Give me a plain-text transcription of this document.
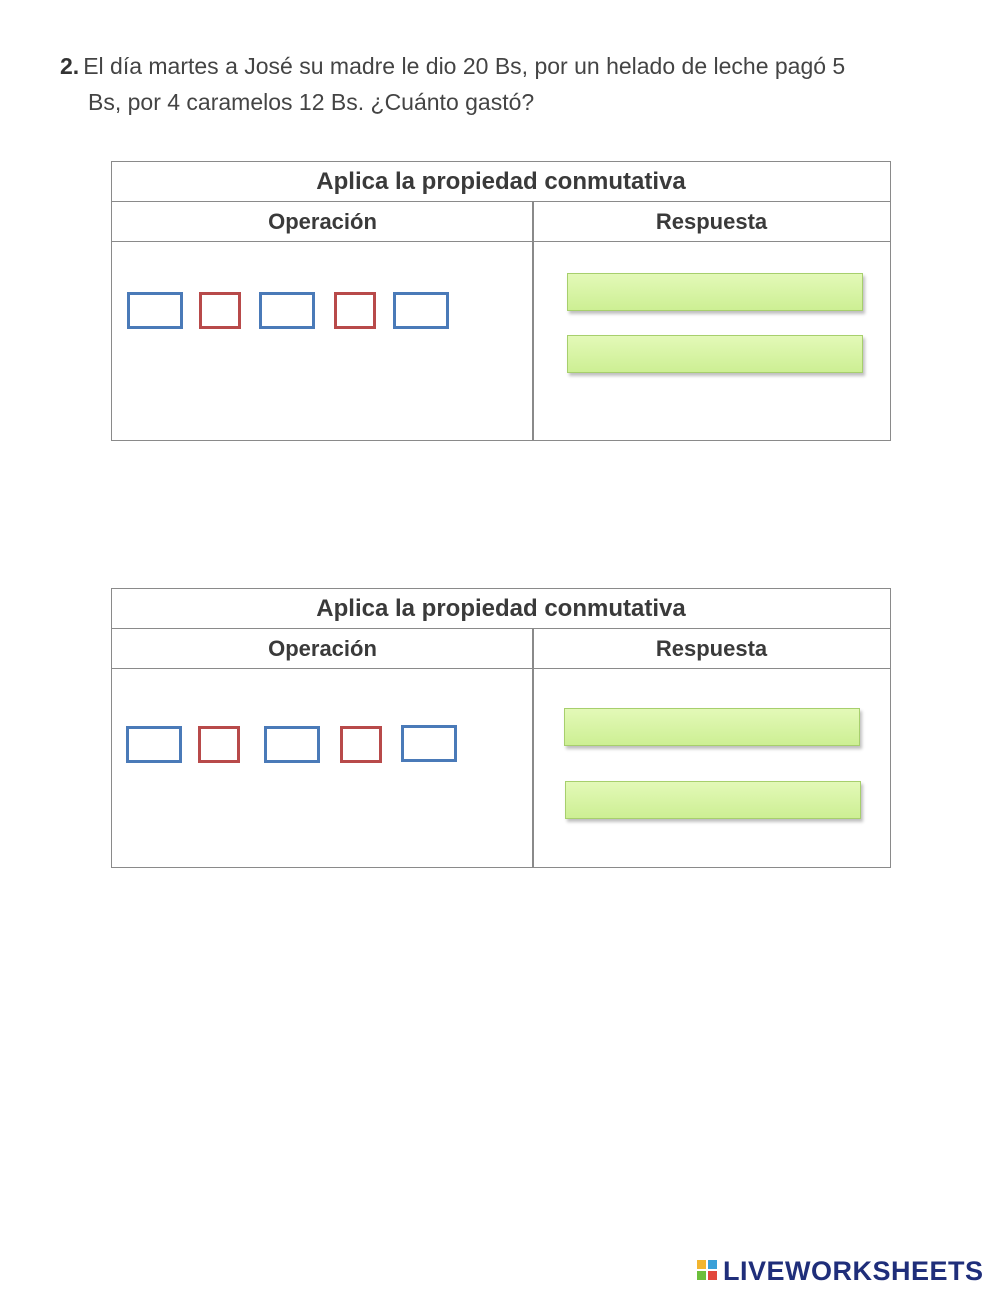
2. El día martes a José su madre le dio 20 Bs, por un helado de leche pagó 5
Bs, por 4 caramelos 12 Bs. ¿Cuánto gastó?
Aplica la propiedad conmutativa
Operación	Respuesta
Aplica la propiedad conmutativa
Operación	Respuesta
LIVEWORKSHEETS
